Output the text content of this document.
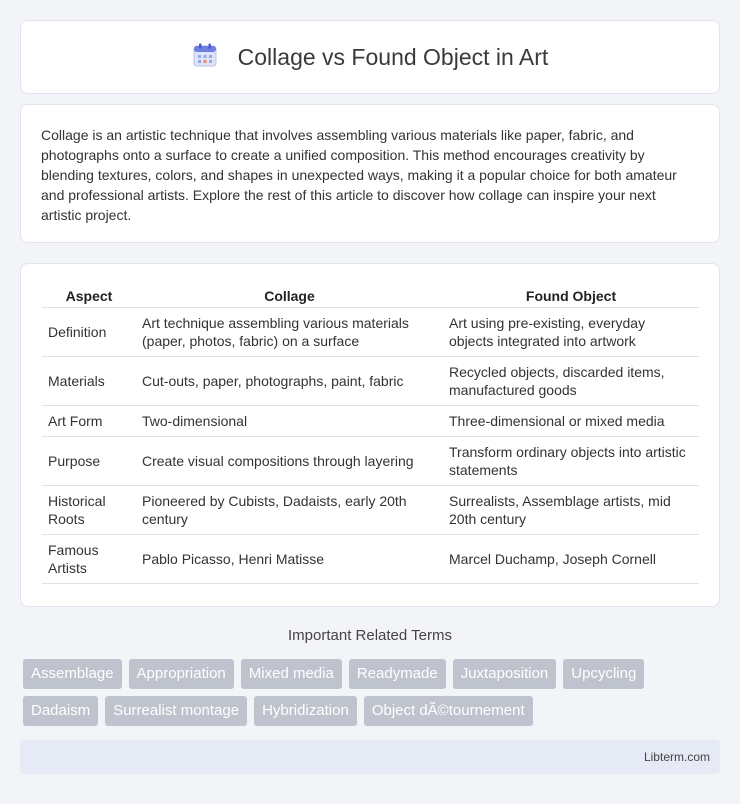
Collage vs Found Object in Art

Collage is an artistic technique that involves assembling various materials like paper, fabric, and photographs onto a surface to create a unified composition. This method encourages creativity by blending textures, colors, and shapes in unexpected ways, making it a popular choice for both amateur and professional artists. Explore the rest of this article to discover how collage can inspire your next artistic project.

Aspect	Collage	Found Object
Definition	Art technique assembling various materials (paper, photos, fabric) on a surface	Art using pre-existing, everyday objects integrated into artwork
Materials	Cut-outs, paper, photographs, paint, fabric	Recycled objects, discarded items, manufactured goods
Art Form	Two-dimensional	Three-dimensional or mixed media
Purpose	Create visual compositions through layering	Transform ordinary objects into artistic statements
Historical Roots	Pioneered by Cubists, Dadaists, early 20th century	Surrealists, Assemblage artists, mid 20th century
Famous Artists	Pablo Picasso, Henri Matisse	Marcel Duchamp, Joseph Cornell
Important Related Terms
Assemblage	Appropriation	Mixed media	Readymade	Juxtaposition	Upcycling
Dadaism	Surrealist montage	Hybridization	Object dÃ©tournement
Libterm.com
